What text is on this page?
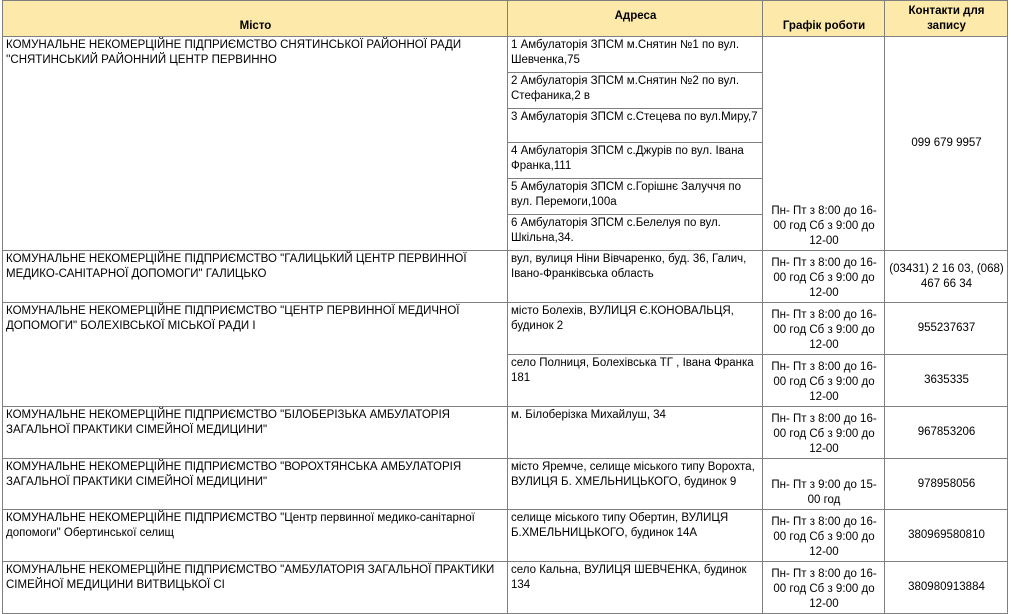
Місто	Адреса	Графік роботи	Контакти для запису
КОМУНАЛЬНЕ НЕКОМЕРЦІЙНЕ ПІДПРИЄМСТВО СНЯТИНСЬКОЇ РАЙОННОЇ РАДИ ''СНЯТИНСЬКИЙ РАЙОННИЙ ЦЕНТР ПЕРВИННО	1 Амбулаторія ЗПСМ м.Снятин №1 по вул. Шевченка,75	Пн- Пт з 8:00 до 16-00 год Сб з 9:00 до 12-00	099 679 9957
	2 Амбулаторія ЗПСМ м.Снятин №2 по вул. Стефаника,2 в		
	3 Амбулаторія ЗПСМ с.Стецева по вул.Миру,7		
	4 Амбулаторія ЗПСМ с.Джурів по вул. Івана Франка,111		
	5 Амбулаторія ЗПСМ с.Горішнє Залуччя по вул. Перемоги,100а		
	6 Амбулаторія ЗПСМ с.Белелуя по вул. Шкільна,34.		
КОМУНАЛЬНЕ НЕКОМЕРЦІЙНЕ ПІДПРИЄМСТВО "ГАЛИЦЬКИЙ ЦЕНТР ПЕРВИННОЇ МЕДИКО-САНІТАРНОЇ ДОПОМОГИ" ГАЛИЦЬКО	вул, вулиця Ніни Вівчаренко, буд. 36, Галич, Івано-Франківська область	Пн- Пт з 8:00 до 16-00 год Сб з 9:00 до 12-00	(03431) 2 16 03, (068) 467 66 34
КОМУНАЛЬНЕ НЕКОМЕРЦІЙНЕ ПІДПРИЄМСТВО "ЦЕНТР ПЕРВИННОЇ МЕДИЧНОЇ ДОПОМОГИ" БОЛЕХІВСЬКОЇ МІСЬКОЇ РАДИ І	місто Болехів, ВУЛИЦЯ Є.КОНОВАЛЬЦЯ, будинок 2	Пн- Пт з 8:00 до 16-00 год Сб з 9:00 до 12-00	955237637
	село Полниця, Болехівська ТГ , Івана Франка 181	Пн- Пт з 8:00 до 16-00 год Сб з 9:00 до 12-00	3635335
КОМУНАЛЬНЕ НЕКОМЕРЦІЙНЕ ПІДПРИЄМСТВО "БІЛОБЕРІЗЬКА АМБУЛАТОРІЯ ЗАГАЛЬНОЇ ПРАКТИКИ СІМЕЙНОЇ МЕДИЦИНИ"	м. Білоберізка Михайлуш, 34	Пн- Пт з 8:00 до 16-00 год Сб з 9:00 до 12-00	967853206
КОМУНАЛЬНЕ НЕКОМЕРЦІЙНЕ ПІДПРИЄМСТВО "ВОРОХТЯНСЬКА АМБУЛАТОРІЯ ЗАГАЛЬНОЇ ПРАКТИКИ СІМЕЙНОЇ МЕДИЦИНИ"	місто Яремче, селище міського типу Ворохта, ВУЛИЦЯ Б. ХМЕЛЬНИЦЬКОГО, будинок 9	Пн- Пт з 9:00 до 15-00 год	978958056
КОМУНАЛЬНЕ НЕКОМЕРЦІЙНЕ ПІДПРИЄМСТВО "Центр первинної медико-санітарної допомоги" Обертинської селищ	селище міського типу Обертин, ВУЛИЦЯ Б.ХМЕЛЬНИЦЬКОГО, будинок 14А	Пн- Пт з 8:00 до 16-00 год Сб з 9:00 до 12-00	380969580810
КОМУНАЛЬНЕ НЕКОМЕРЦІЙНЕ ПІДПРИЄМСТВО "АМБУЛАТОРІЯ ЗАГАЛЬНОЇ ПРАКТИКИ СІМЕЙНОЇ МЕДИЦИНИ ВИТВИЦЬКОЇ СІ	село Кальна, ВУЛИЦЯ ШЕВЧЕНКА, будинок 134	Пн- Пт з 8:00 до 16-00 год Сб з 9:00 до 12-00	380980913884
